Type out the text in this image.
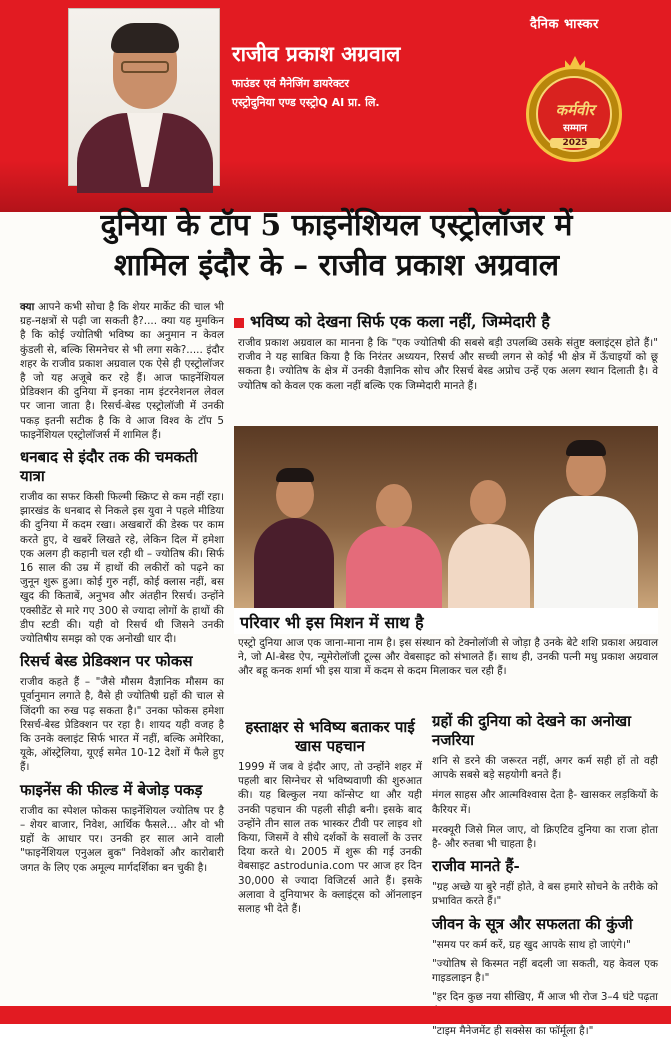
राजीव प्रकाश अग्रवाल
फाउंडर एवं मैनेजिंग डायरेक्टर
एस्ट्रोदुनिया एण्ड एस्ट्रोQ AI प्रा. लि.
दैनिक भास्कर
कर्मवीर
सम्मान
2025
दुनिया के टॉप 5 फाइनेंशियल एस्ट्रोलॉजर में
शामिल इंदौर के – राजीव प्रकाश अग्रवाल

क्या आपने कभी सोचा है कि शेयर मार्केट की चाल भी ग्रह-नक्षत्रों से पढ़ी जा सकती है?.... क्या यह मुमकिन है कि कोई ज्योतिषी भविष्य का अनुमान न केवल कुंडली से, बल्कि सिमनेचर से भी लगा सके?..... इंदौर शहर के राजीव प्रकाश अग्रवाल एक ऐसे ही एस्ट्रोलॉजर है जो यह अजूबे कर रहे हैं। आज फाइनेंशियल प्रेडिक्शन की दुनिया में इनका नाम इंटरनेशनल लेवल पर जाना जाता है। रिसर्च-बेस्ड एस्ट्रोलॉजी में उनकी पकड़ इतनी सटीक है कि वे आज विश्व के टॉप 5 फाइनेंशियल एस्ट्रोलॉजर्स में शामिल हैं।

धनबाद से इंदौर तक की चमकती यात्रा

राजीव का सफर किसी फिल्मी स्क्रिप्ट से कम नहीं रहा। झारखंड के धनबाद से निकले इस युवा ने पहले मीडिया की दुनिया में कदम रखा। अखबारों की डेस्क पर काम करते हुए, वे खबरें लिखते रहे, लेकिन दिल में हमेशा एक अलग ही कहानी चल रही थी – ज्योतिष की। सिर्फ 16 साल की उम्र में हाथों की लकीरों को पढ़ने का जुनून शुरू हुआ। कोई गुरु नहीं, कोई क्लास नहीं, बस खुद की किताबें, अनुभव और अंतहीन रिसर्च। उन्होंने एक्सीडेंट से मारे गए 300 से ज्यादा लोगों के हाथों की डीप स्टडी की। यही वो रिसर्च थी जिसने उनकी ज्योतिषीय समझ को एक अनोखी धार दी।

रिसर्च बेस्ड प्रेडिक्शन पर फोकस

राजीव कहते हैं – "जैसे मौसम वैज्ञानिक मौसम का पूर्वानुमान लगाते है, वैसे ही ज्योतिषी ग्रहों की चाल से जिंदगी का रुख पढ़ सकता है।" उनका फोकस हमेशा रिसर्च-बेस्ड प्रेडिक्शन पर रहा है। शायद यही वजह है कि उनके क्लाइंट सिर्फ भारत में नहीं, बल्कि अमेरिका, यूके, ऑस्ट्रेलिया, यूएई समेत 10-12 देशों में फैले हुए हैं।

फाइनेंस की फील्ड में बेजोड़ पकड़

राजीव का स्पेशल फोकस फाइनेंशियल ज्योतिष पर है – शेयर बाजार, निवेश, आर्थिक फैसले... और वो भी ग्रहों के आधार पर। उनकी हर साल आने वाली "फाइनेंशियल एनुअल बुक" निवेशकों और कारोबारी जगत के लिए एक अमूल्य मार्गदर्शिका बन चुकी है।

भविष्य को देखना सिर्फ एक कला नहीं, जिम्मेदारी है

राजीव प्रकाश अग्रवाल का मानना है कि "एक ज्योतिषी की सबसे बड़ी उपलब्धि उसके संतुष्ट क्लाइंट्स होते हैं।" राजीव ने यह साबित किया है कि निरंतर अध्ययन, रिसर्च और सच्ची लगन से कोई भी क्षेत्र में ऊँचाइयों को छू सकता है। ज्योतिष के क्षेत्र में उनकी वैज्ञानिक सोच और रिसर्च बेस्ड अप्रोच उन्हें एक अलग स्थान दिलाती है। वे ज्योतिष को केवल एक कला नहीं बल्कि एक जिम्मेदारी मानते हैं।

परिवार भी इस मिशन में साथ है

एस्ट्रो दुनिया आज एक जाना-माना नाम है। इस संस्थान को टेक्नोलॉजी से जोड़ा है उनके बेटे शशि प्रकाश अग्रवाल ने, जो AI-बेस्ड ऐप, न्यूमेरोलॉजी टूल्स और वेबसाइट को संभालते हैं। साथ ही, उनकी पत्नी मधु प्रकाश अग्रवाल और बहू कनक शर्मा भी इस यात्रा में कदम से कदम मिलाकर चल रही हैं।

हस्ताक्षर से भविष्य बताकर पाई खास पहचान

1999 में जब वे इंदौर आए, तो उन्होंने शहर में पहली बार सिग्नेचर से भविष्यवाणी की शुरुआत की। यह बिल्कुल नया कॉन्सेप्ट था और यही उनकी पहचान की पहली सीढ़ी बनी। इसके बाद उन्होंने तीन साल तक भास्कर टीवी पर लाइव शो किया, जिसमें वे सीधे दर्शकों के सवालों के उत्तर दिया करते थे। 2005 में शुरू की गई उनकी वेबसाइट astrodunia.com पर आज हर दिन 30,000 से ज्यादा विजिटर्स आते हैं। इसके अलावा वे दुनियाभर के क्लाइंट्स को ऑनलाइन सलाह भी देते हैं।

ग्रहों की दुनिया को देखने का अनोखा नजरिया

शनि से डरने की जरूरत नहीं, अगर कर्म सही हों तो वही आपके सबसे बड़े सहयोगी बनते हैं।

मंगल साहस और आत्मविश्वास देता है- खासकर लड़कियों के कैरियर में।

मरक्यूरी जिसे मिल जाए, वो क्रिएटिव दुनिया का राजा होता है- और रुतबा भी चाहता है।

राजीव मानते हैं-

"ग्रह अच्छे या बुरे नहीं होते, वे बस हमारे सोचने के तरीके को प्रभावित करते हैं।"

जीवन के सूत्र और सफलता की कुंजी

"समय पर कर्म करें, ग्रह खुद आपके साथ हो जाएंगे।"

"ज्योतिष से किस्मत नहीं बदली जा सकती, यह केवल एक गाइडलाइन है।"

"हर दिन कुछ नया सीखिए, मैं आज भी रोज 3–4 घंटे पढ़ता

"टाइम मैनेजमेंट ही सक्सेस का फॉर्मूला है।"
